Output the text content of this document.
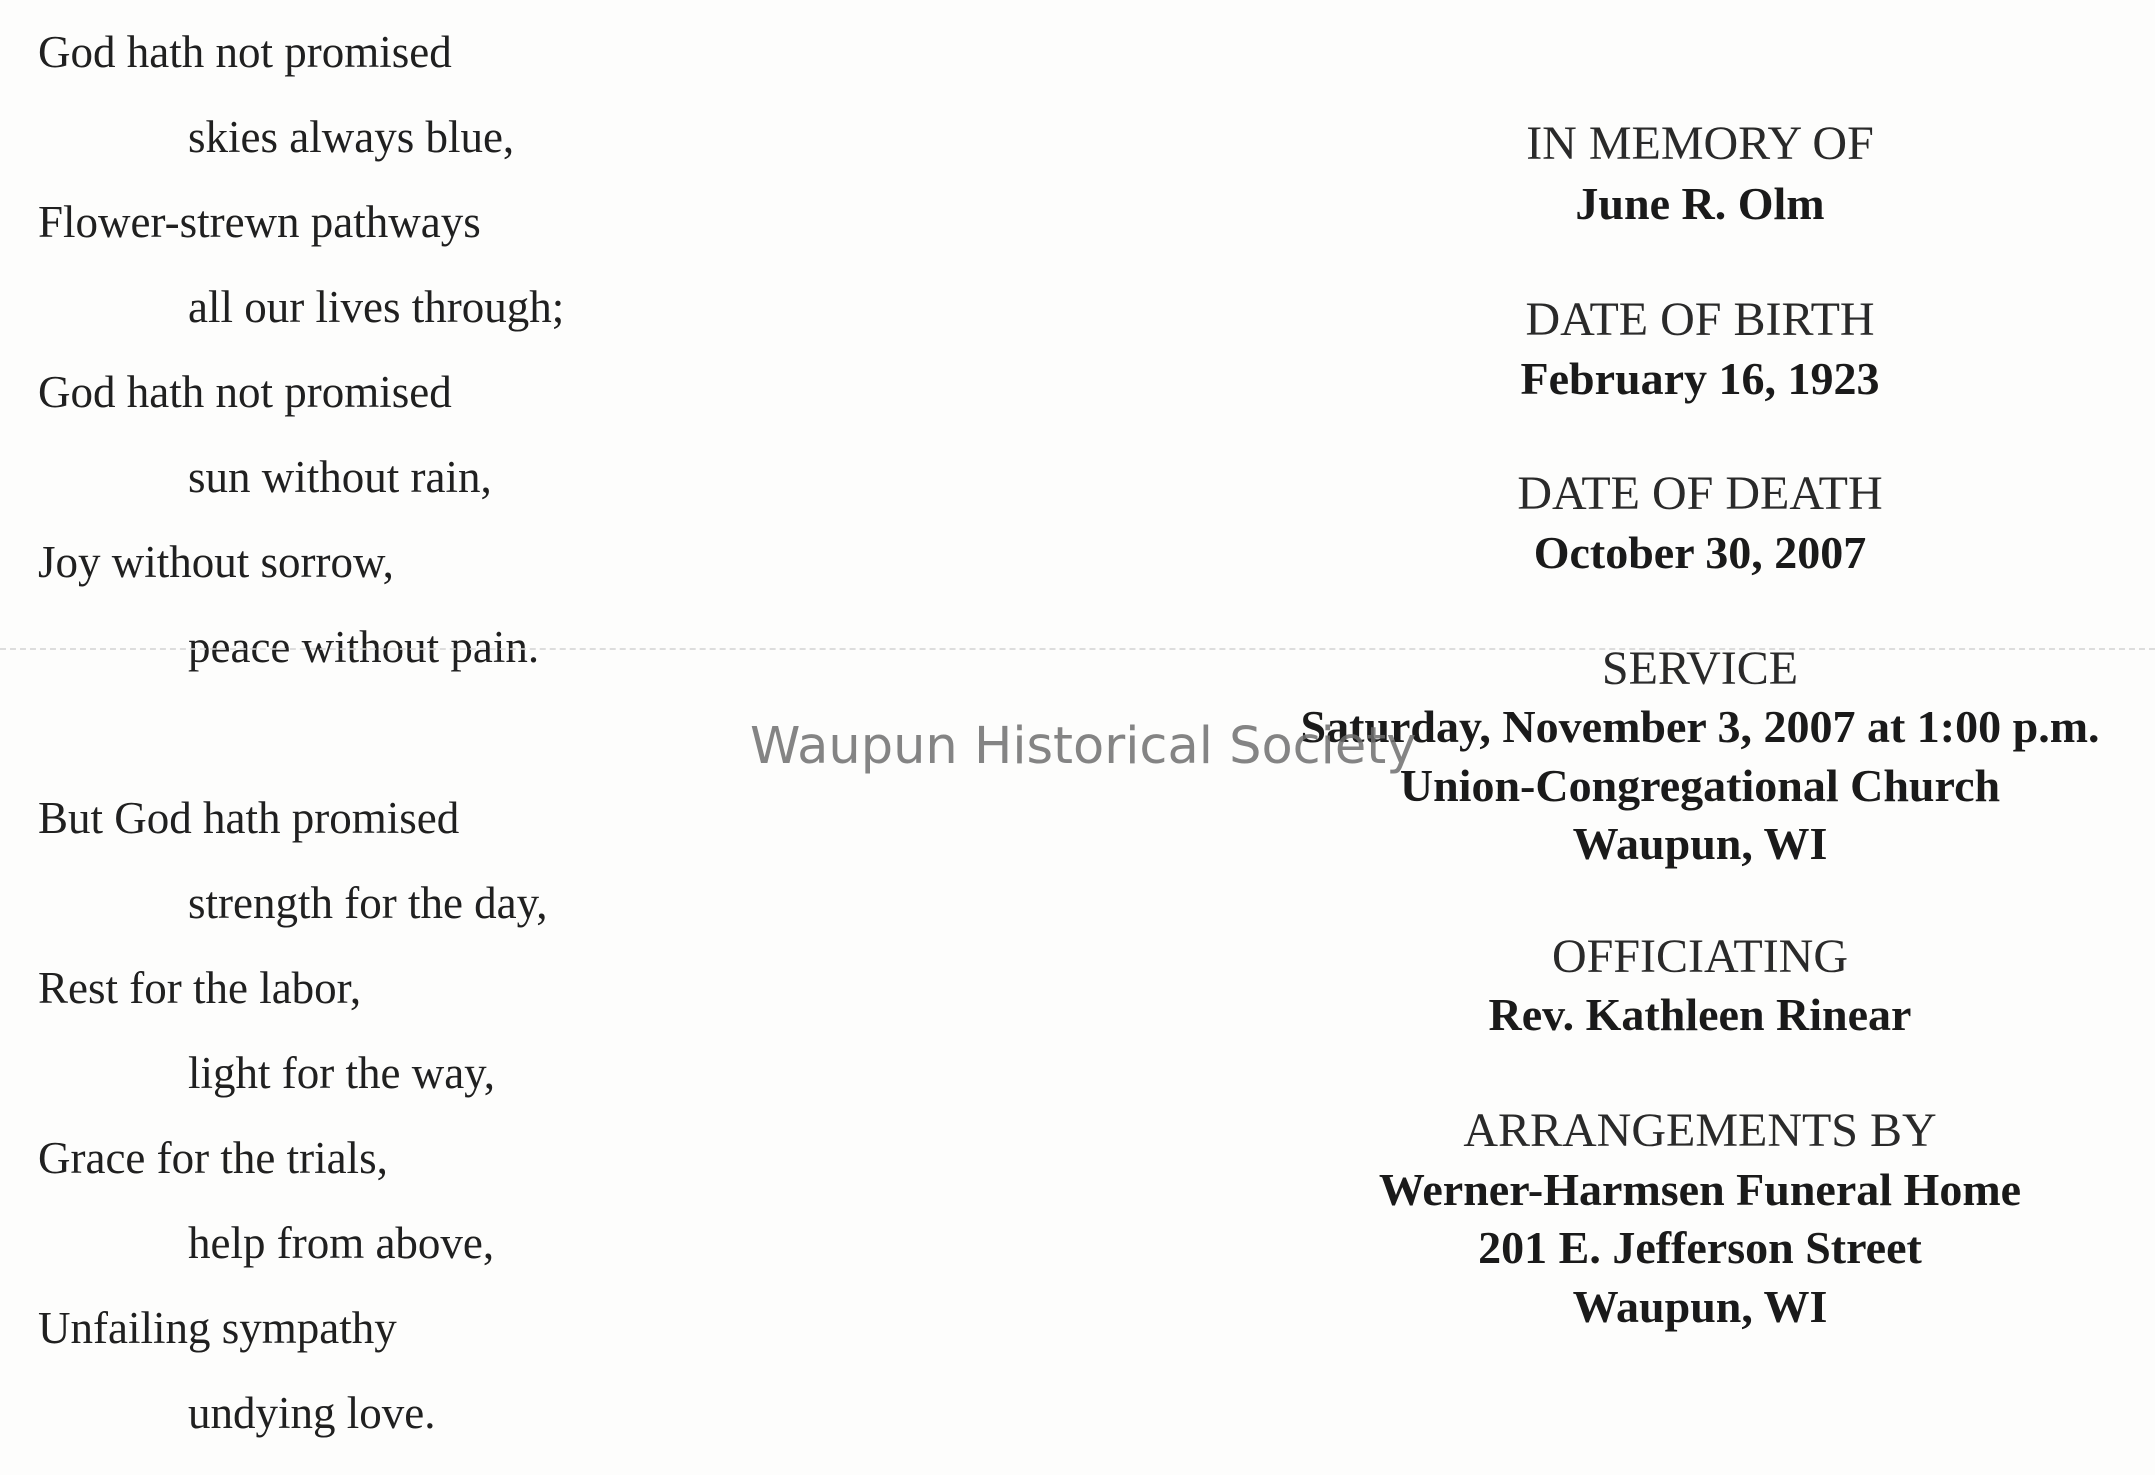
God hath not promised

skies always blue,

Flower-strewn pathways

all our lives through;

God hath not promised

sun without rain,

Joy without sorrow,

peace without pain.

But God hath promised

strength for the day,

Rest for the labor,

light for the way,

Grace for the trials,

help from above,

Unfailing sympathy

undying love.

IN MEMORY OF

June R. Olm

DATE OF BIRTH

February 16, 1923

DATE OF DEATH

October 30, 2007

SERVICE

Saturday, November 3, 2007 at 1:00 p.m.

Union-Congregational Church

Waupun, WI

OFFICIATING

Rev. Kathleen Rinear

ARRANGEMENTS BY

Werner-Harmsen Funeral Home

201 E. Jefferson Street

Waupun, WI

Waupun Historical Society
